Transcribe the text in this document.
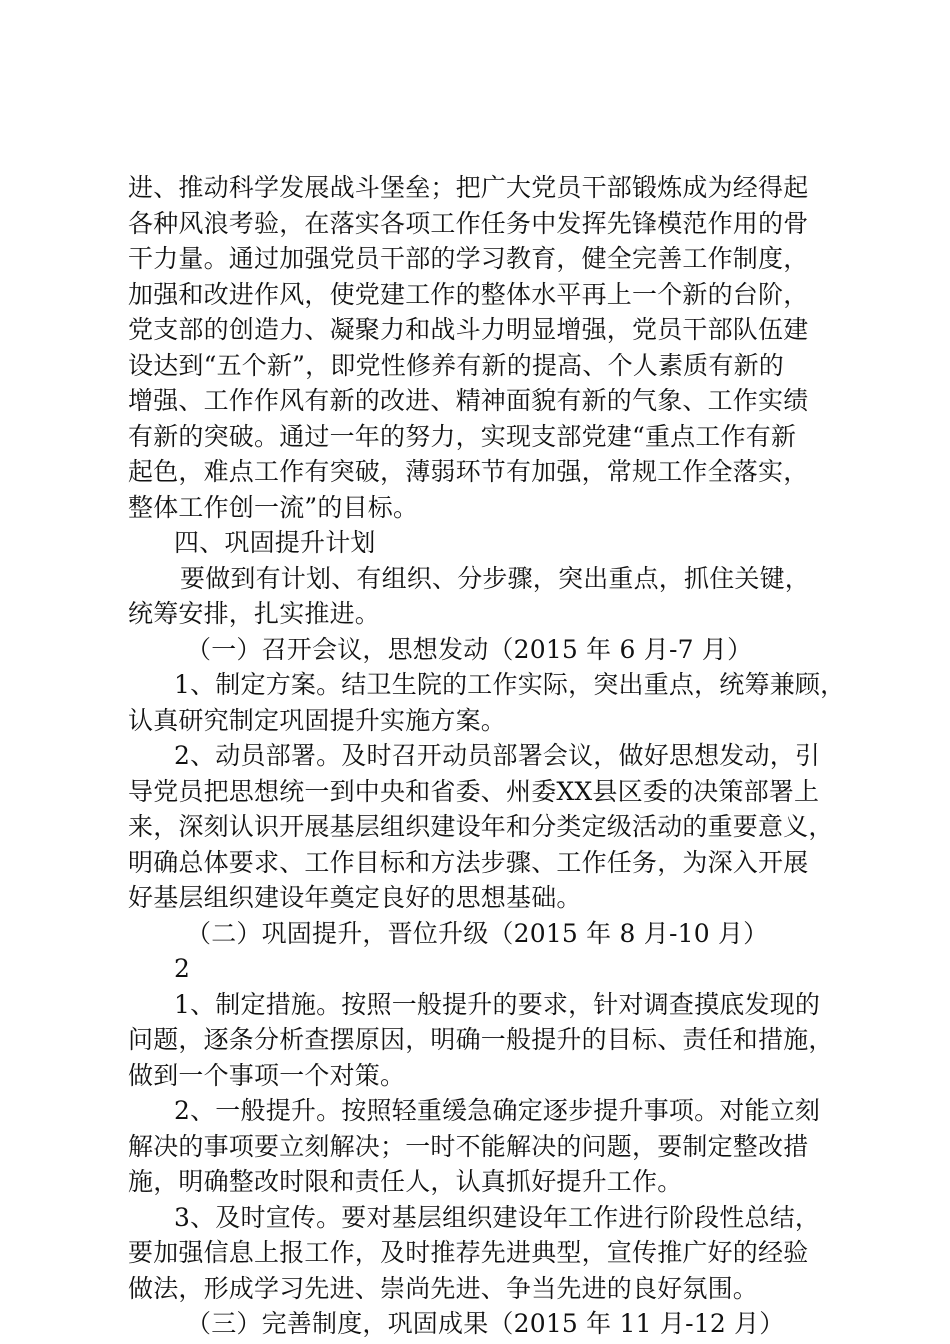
进、推动科学发展战斗堡垒；把广大党员干部锻炼成为经得起
各种风浪考验，在落实各项工作任务中发挥先锋模范作用的骨
干力量。通过加强党员干部的学习教育，健全完善工作制度，
加强和改进作风，使党建工作的整体水平再上一个新的台阶，
党支部的创造力、凝聚力和战斗力明显增强，党员干部队伍建
设达到“五个新”，即党性修养有新的提高、个人素质有新的
增强、工作作风有新的改进、精神面貌有新的气象、工作实绩
有新的突破。通过一年的努力，实现支部党建“重点工作有新
起色，难点工作有突破，薄弱环节有加强，常规工作全落实，
整体工作创一流”的目标。
四、巩固提升计划
要做到有计划、有组织、分步骤，突出重点，抓住关键，
统筹安排，扎实推进。
（一）召开会议，思想发动（2015 年 6 月-7 月）
1、制定方案。结卫生院的工作实际，突出重点，统筹兼顾，
认真研究制定巩固提升实施方案。
2、动员部署。及时召开动员部署会议，做好思想发动，引
导党员把思想统一到中央和省委、州委XX县区委的决策部署上
来，深刻认识开展基层组织建设年和分类定级活动的重要意义，
明确总体要求、工作目标和方法步骤、工作任务，为深入开展
好基层组织建设年奠定良好的思想基础。
（二）巩固提升，晋位升级（2015 年 8 月-10 月）
2
1、制定措施。按照一般提升的要求，针对调查摸底发现的
问题，逐条分析查摆原因，明确一般提升的目标、责任和措施，
做到一个事项一个对策。
2、一般提升。按照轻重缓急确定逐步提升事项。对能立刻
解决的事项要立刻解决；一时不能解决的问题，要制定整改措
施，明确整改时限和责任人，认真抓好提升工作。
3、及时宣传。要对基层组织建设年工作进行阶段性总结，
要加强信息上报工作，及时推荐先进典型，宣传推广好的经验
做法，形成学习先进、崇尚先进、争当先进的良好氛围。
（三）完善制度，巩固成果（2015 年 11 月-12 月）
